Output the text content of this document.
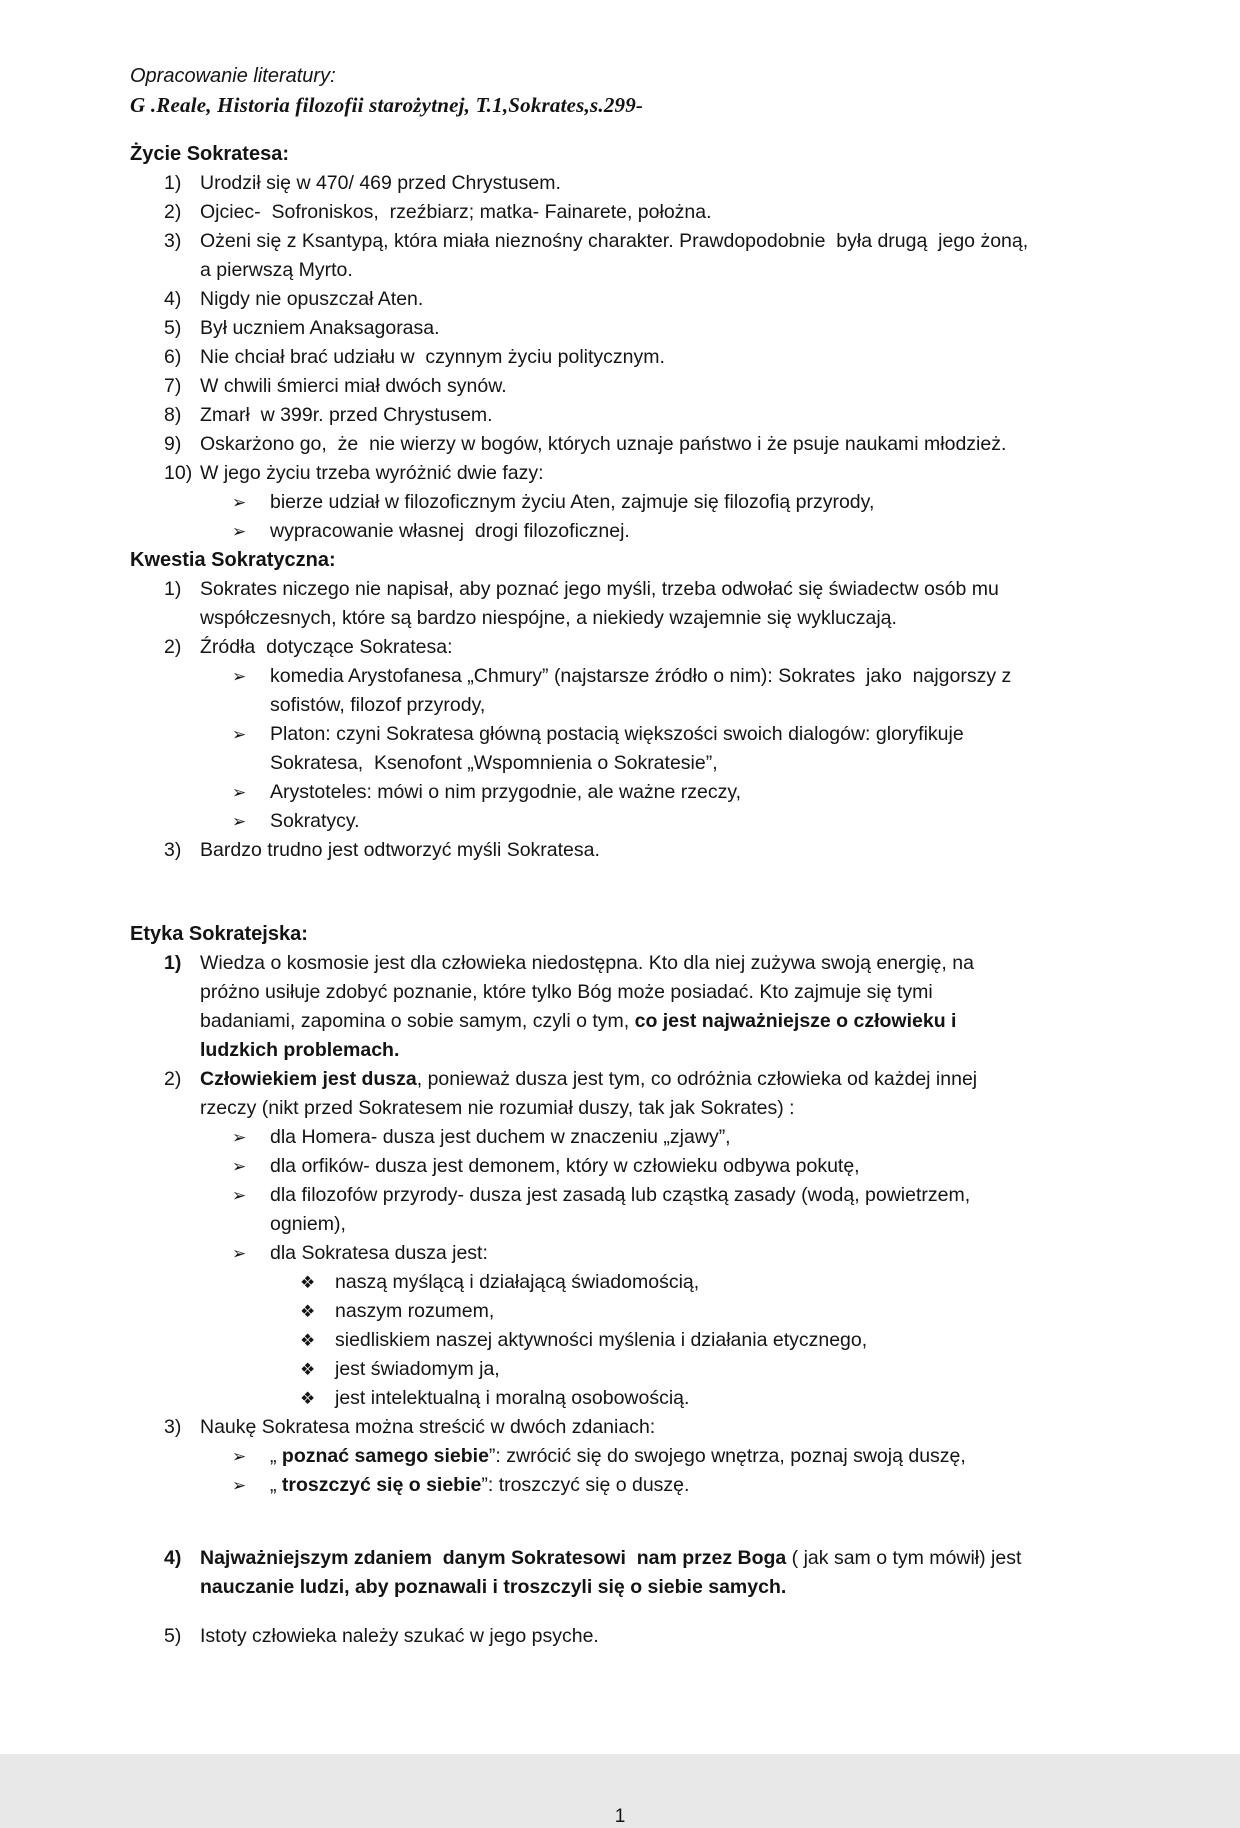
Opracowanie literatury:
G .Reale, Historia filozofii starożytnej, T.1,Sokrates,s.299-
Życie Sokratesa:
1) Urodził się w 470/ 469 przed Chrystusem.
2) Ojciec-  Sofroniskos,  rzeźbiarz; matka- Fainarete, położna.
3) Ożeni się z Ksantypą, która miała nieznośny charakter. Prawdopodobnie  była drugą  jego żoną, a pierwszą Myrto.
4) Nigdy nie opuszczał Aten.
5) Był uczniem Anaksagorasa.
6) Nie chciał brać udziału w  czynnym życiu politycznym.
7) W chwili śmierci miał dwóch synów.
8) Zmarł  w 399r. przed Chrystusem.
9) Oskarżono go,  że  nie wierzy w bogów, których uznaje państwo i że psuje naukami młodzież.
10) W jego życiu trzeba wyróżnić dwie fazy:
➢	bierze udział w filozoficznym życiu Aten, zajmuje się filozofią przyrody,
➢	wypracowanie własnej  drogi filozoficznej.
Kwestia Sokratyczna:
1) Sokrates niczego nie napisał, aby poznać jego myśli, trzeba odwołać się świadectw osób mu współczesnych, które są bardzo niespójne, a niekiedy wzajemnie się wykluczają.
2) Źródła  dotyczące Sokratesa:
➢	komedia Arystofanesa „Chmury” (najstarsze źródło o nim): Sokrates  jako  najgorszy z sofistów, filozof przyrody,
➢	Platon: czyni Sokratesa główną postacią większości swoich dialogów: gloryfikuje Sokratesa,  Ksenofont „Wspomnienia o Sokratesie”,
➢	Arystoteles: mówi o nim przygodnie, ale ważne rzeczy,
➢	Sokratycy.
3) Bardzo trudno jest odtworzyć myśli Sokratesa.
Etyka Sokratejska:
1) Wiedza o kosmosie jest dla człowieka niedostępna. Kto dla niej zużywa swoją energię, na próżno usiłuje zdobyć poznanie, które tylko Bóg może posiadać. Kto zajmuje się tymi badaniami, zapomina o sobie samym, czyli o tym, co jest najważniejsze o człowieku i ludzkich problemach.
2) Człowiekiem jest dusza, ponieważ dusza jest tym, co odróżnia człowieka od każdej innej rzeczy (nikt przed Sokratesem nie rozumiał duszy, tak jak Sokrates) :
➢	dla Homera- dusza jest duchem w znaczeniu „zjawy”,
➢	dla orfików- dusza jest demonem, który w człowieku odbywa pokutę,
➢	dla filozofów przyrody- dusza jest zasadą lub cząstką zasady (wodą, powietrzem, ogniem),
➢	dla Sokratesa dusza jest:
❖	naszą myślącą i działającą świadomością,
❖	naszym rozumem,
❖	siedliskiem naszej aktywności myślenia i działania etycznego,
❖	jest świadomym ja,
❖	jest intelektualną i moralną osobowością.
3) Naukę Sokratesa można streścić w dwóch zdaniach:
➢	„ poznać samego siebie”: zwrócić się do swojego wnętrza, poznaj swoją duszę,
➢	„ troszczyć się o siebie”: troszczyć się o duszę.
4) Najważniejszym zdaniem  danym Sokratesowi  nam przez Boga ( jak sam o tym mówił) jest nauczanie ludzi, aby poznawali i troszczyli się o siebie samych.
5) Istoty człowieka należy szukać w jego psyche.
1
